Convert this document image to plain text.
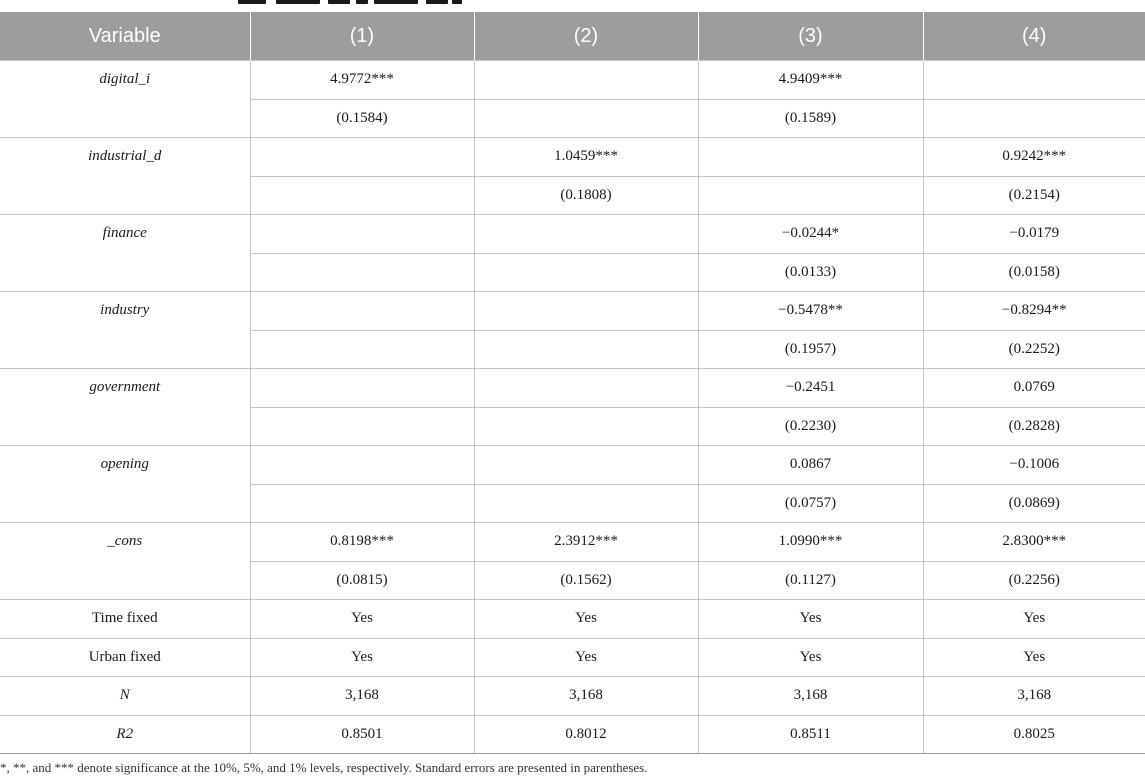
Variable	(1)	(2)	(3)	(4)
digital_i	4.9772***		4.9409***	
	(0.1584)		(0.1589)	
industrial_d		1.0459***		0.9242***
		(0.1808)		(0.2154)
finance			−0.0244*	−0.0179
			(0.0133)	(0.0158)
industry			−0.5478**	−0.8294**
			(0.1957)	(0.2252)
government			−0.2451	0.0769
			(0.2230)	(0.2828)
opening			0.0867	−0.1006
			(0.0757)	(0.0869)
_cons	0.8198***	2.3912***	1.0990***	2.8300***
	(0.0815)	(0.1562)	(0.1127)	(0.2256)
Time fixed	Yes	Yes	Yes	Yes
Urban fixed	Yes	Yes	Yes	Yes
N	3,168	3,168	3,168	3,168
R2	0.8501	0.8012	0.8511	0.8025
*, **, and *** denote significance at the 10%, 5%, and 1% levels, respectively. Standard errors are presented in parentheses.
